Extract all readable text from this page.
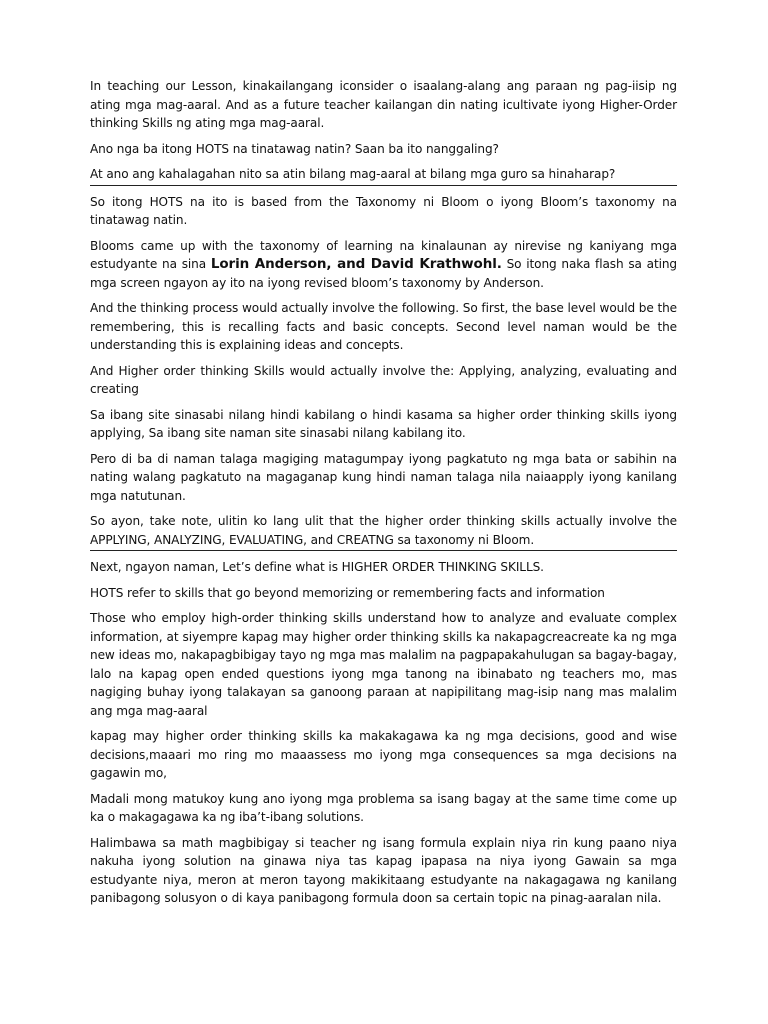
In teaching our Lesson, kinakailangang iconsider o isaalang-alang ang paraan ng pag-iisip ng ating mga mag-aaral. And as a future teacher kailangan din nating icultivate iyong Higher-Order thinking Skills ng ating mga mag-aaral.

Ano nga ba itong HOTS na tinatawag natin? Saan ba ito nanggaling?

At ano ang kahalagahan nito sa atin bilang mag-aaral at bilang mga guro sa hinaharap?

So itong HOTS na ito is based from the Taxonomy ni Bloom o iyong Bloom’s taxonomy na tinatawag natin.

Blooms came up with the taxonomy of learning na kinalaunan ay nirevise ng kaniyang mga estudyante na sina Lorin Anderson, and David Krathwohl. So itong naka flash sa ating mga screen ngayon ay ito na iyong revised bloom’s taxonomy by Anderson.

And the thinking process would actually involve the following. So first, the base level would be the remembering, this is recalling facts and basic concepts. Second level naman would be the understanding this is explaining ideas and concepts.

And Higher order thinking Skills would actually involve the: Applying, analyzing, evaluating and creating

Sa ibang site sinasabi nilang hindi kabilang o hindi kasama sa higher order thinking skills iyong applying, Sa ibang site naman site sinasabi nilang kabilang ito.

Pero di ba di naman talaga magiging matagumpay iyong pagkatuto ng mga bata or sabihin na nating walang pagkatuto na magaganap kung hindi naman talaga nila naiaapply iyong kanilang mga natutunan.

So ayon, take note, ulitin ko lang ulit that the higher order thinking skills actually involve the APPLYING, ANALYZING, EVALUATING, and CREATNG sa taxonomy ni Bloom.

Next, ngayon naman, Let’s define what is HIGHER ORDER THINKING SKILLS.

HOTS refer to skills that go beyond memorizing or remembering facts and information

Those who employ high-order thinking skills understand how to analyze and evaluate complex information, at siyempre kapag may higher order thinking skills ka nakapagcreacreate ka ng mga new ideas mo, nakapagbibigay tayo ng mga mas malalim na pagpapakahulugan sa bagay-bagay, lalo na kapag open ended questions iyong mga tanong na ibinabato ng teachers mo, mas nagiging buhay iyong talakayan sa ganoong paraan at napipilitang mag-isip nang mas malalim ang mga mag-aaral

kapag may higher order thinking skills ka makakagawa ka ng mga decisions, good and wise decisions,maaari mo ring mo maaassess mo iyong mga consequences sa mga decisions na gagawin mo,

Madali mong matukoy kung ano iyong mga problema sa isang bagay at the same time come up ka o makagagawa ka ng iba’t-ibang solutions.

Halimbawa sa math magbibigay si teacher ng isang formula explain niya rin kung paano niya nakuha iyong solution na ginawa niya tas kapag ipapasa na niya iyong Gawain sa mga estudyante niya, meron at meron tayong makikitaang estudyante na nakagagawa ng kanilang panibagong solusyon o di kaya panibagong formula doon sa certain topic na pinag-aaralan nila.
